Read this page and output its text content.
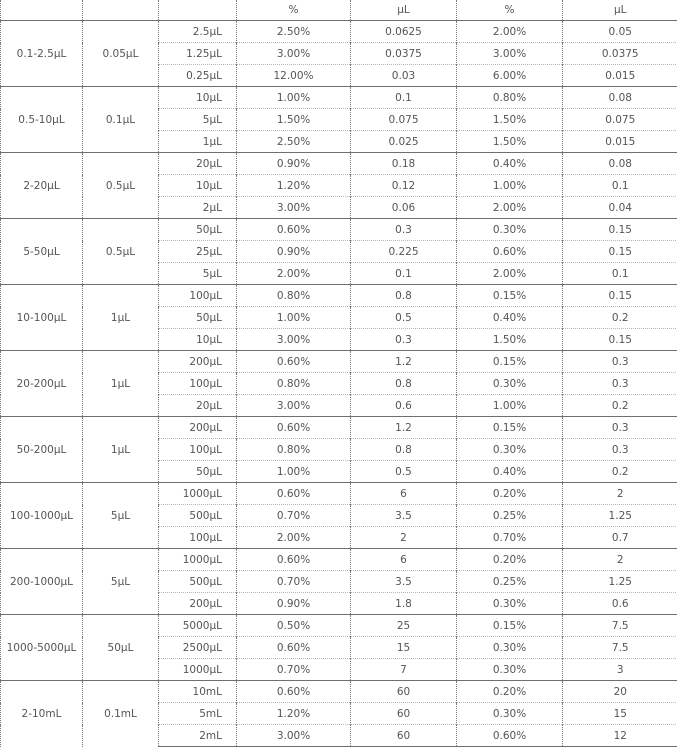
			%	μL	%	μL
0.1-2.5μL	0.05μL	2.5μL	2.50%	0.0625	2.00%	0.05
		1.25μL	3.00%	0.0375	3.00%	0.0375
		0.25μL	12.00%	0.03	6.00%	0.015
0.5-10μL	0.1μL	10μL	1.00%	0.1	0.80%	0.08
		5μL	1.50%	0.075	1.50%	0.075
		1μL	2.50%	0.025	1.50%	0.015
2-20μL	0.5μL	20μL	0.90%	0.18	0.40%	0.08
		10μL	1.20%	0.12	1.00%	0.1
		2μL	3.00%	0.06	2.00%	0.04
5-50μL	0.5μL	50μL	0.60%	0.3	0.30%	0.15
		25μL	0.90%	0.225	0.60%	0.15
		5μL	2.00%	0.1	2.00%	0.1
10-100μL	1μL	100μL	0.80%	0.8	0.15%	0.15
		50μL	1.00%	0.5	0.40%	0.2
		10μL	3.00%	0.3	1.50%	0.15
20-200μL	1μL	200μL	0.60%	1.2	0.15%	0.3
		100μL	0.80%	0.8	0.30%	0.3
		20μL	3.00%	0.6	1.00%	0.2
50-200μL	1μL	200μL	0.60%	1.2	0.15%	0.3
		100μL	0.80%	0.8	0.30%	0.3
		50μL	1.00%	0.5	0.40%	0.2
100-1000μL	5μL	1000μL	0.60%	6	0.20%	2
		500μL	0.70%	3.5	0.25%	1.25
		100μL	2.00%	2	0.70%	0.7
200-1000μL	5μL	1000μL	0.60%	6	0.20%	2
		500μL	0.70%	3.5	0.25%	1.25
		200μL	0.90%	1.8	0.30%	0.6
1000-5000μL	50μL	5000μL	0.50%	25	0.15%	7.5
		2500μL	0.60%	15	0.30%	7.5
		1000μL	0.70%	7	0.30%	3
2-10mL	0.1mL	10mL	0.60%	60	0.20%	20
		5mL	1.20%	60	0.30%	15
		2mL	3.00%	60	0.60%	12
